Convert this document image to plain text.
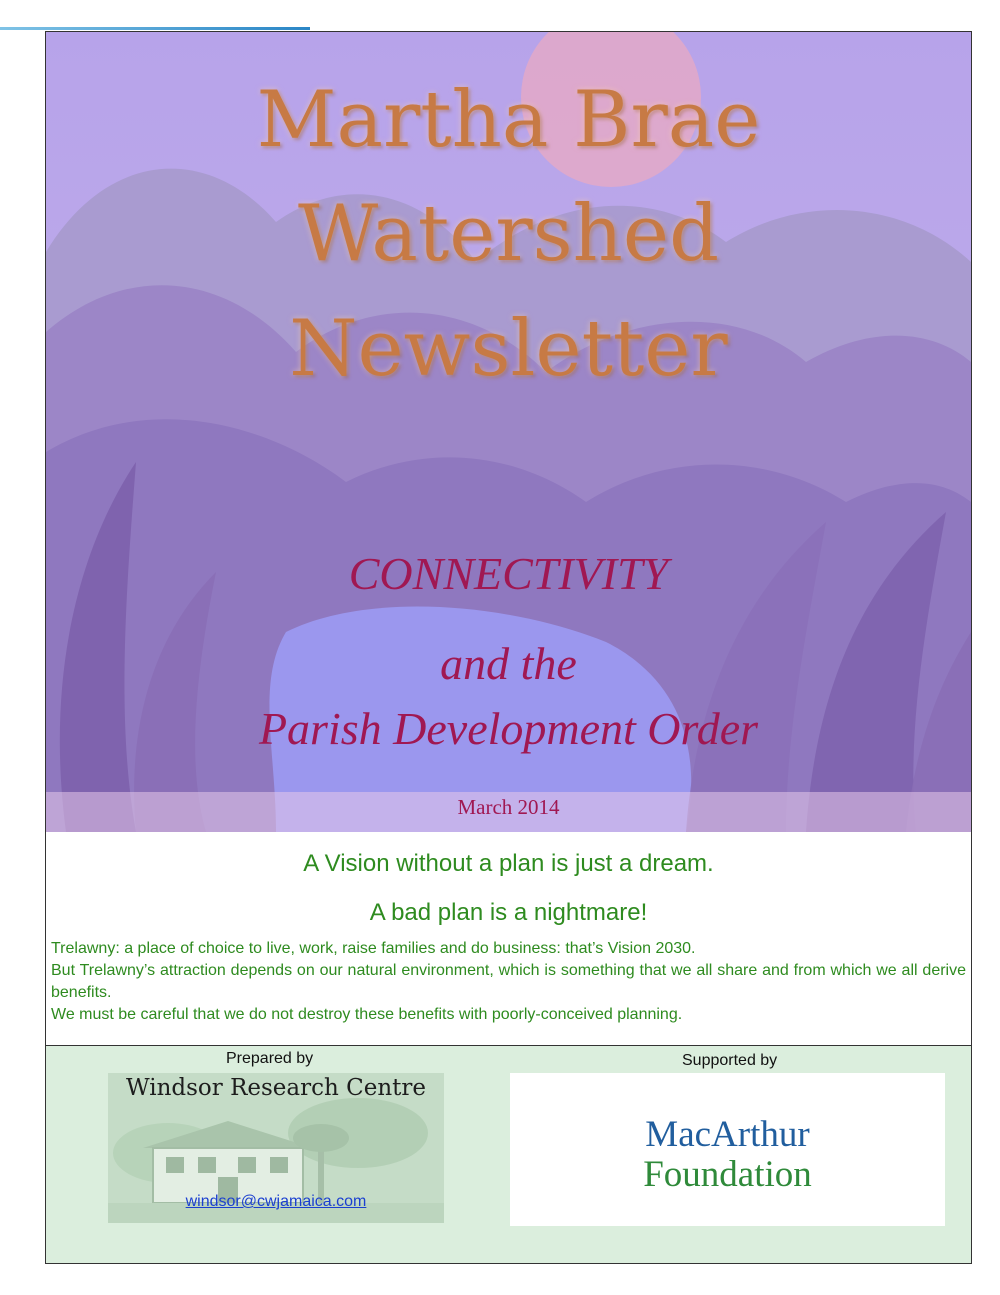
Martha Brae
Watershed
Newsletter
CONNECTIVITY
and the
Parish Development Order
March 2014
A Vision without a plan is just a dream.
A bad plan is a nightmare!
Trelawny: a place of choice to live, work, raise families and do business: that’s Vision 2030.
But Trelawny’s attraction depends on our natural environment, which is something that we all share and from which we all derive benefits.
We must be careful that we do not destroy these benefits with poorly-conceived planning.
Prepared by	Supported by
Windsor Research Centre
windsor@cwjamaica.com
MacArthur
Foundation
